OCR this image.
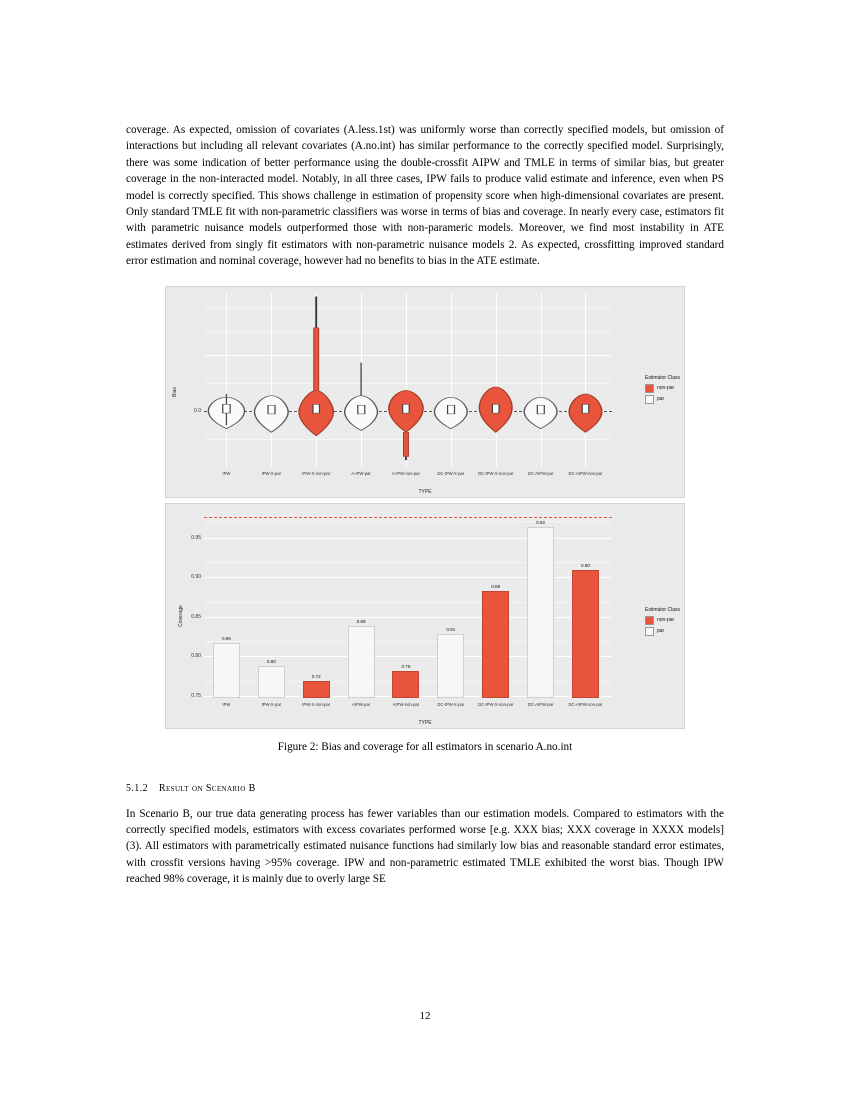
coverage. As expected, omission of covariates (A.less.1st) was uniformly worse than correctly specified models, but omission of interactions but including all relevant covariates (A.no.int) has similar performance to the correctly specified model. Surprisingly, there was some indication of better performance using the double-crossfit AIPW and TMLE in terms of similar bias, but greater coverage in the non-interacted model. Notably, in all three cases, IPW fails to produce valid estimate and inference, even when PS model is correctly specified. This shows challenge in estimation of propensity score when high-dimensional covariates are present. Only standard TMLE fit with non-parametric classifiers was worse in terms of bias and coverage. In nearly every case, estimators fit with parametric nuisance models outperformed those with non-parameric models. Moreover, we find most instability in ATE estimates derived from singly fit estimators with non-parametric nuisance models 2. As expected, crossfitting improved standard error estimation and nominal coverage, however had no benefits to bias in the ATE estimate.

Bias
0.0
IPW	IPW-X-par	IPW-X-non-par	A-IPW-par	A-IPW-non-par	DC-IPW-X-par	DC-IPW-X-non-par	DC-AIPW-par	DC-AIPW-non-par
TYPE
Estimator Class
non-par
par
Coverage
0.95
0.90
0.85
0.80
0.75
0.86
0.80
0.72
0.89
0.79
0.91
0.88
0.92
0.90
IPW	IPW-X-par	IPW-X-non-par	AIPW-par	AIPW-non-par	DC-IPW-X-par	DC-IPW-X-non-par	DC-AIPW-par	DC-AIPW-non-par
TYPE
Estimator Class
non-par
par
Figure 2: Bias and coverage for all estimators in scenario A.no.int
5.1.2 Result on Scenario B

In Scenario B, our true data generating process has fewer variables than our estimation models. Compared to estimators with the correctly specified models, estimators with excess covariates performed worse [e.g. XXX bias; XXX coverage in XXXX models] (3). All estimators with parametrically estimated nuisance functions had similarly low bias and reasonable standard error estimates, with crossfit versions having >95% coverage. IPW and non-parametric estimated TMLE exhibited the worst bias. Though IPW reached 98% coverage, it is mainly due to overly large SE

12
